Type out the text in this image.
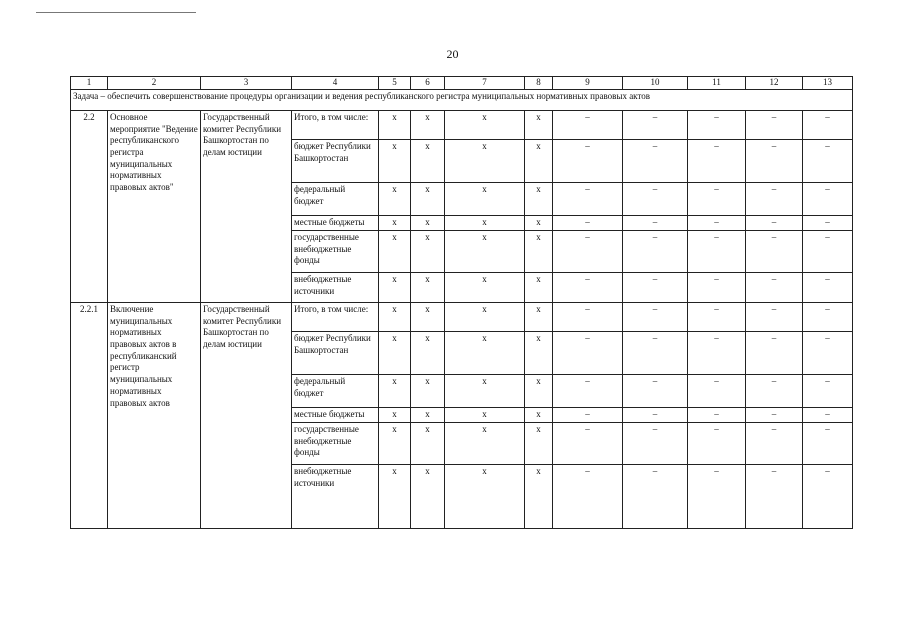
20
1	2	3	4	5	6	7	8	9	10	11	12	13
Задача – обеспечить совершенствование процедуры организации и ведения республиканского регистра муниципальных нормативных правовых актов												
2.2	Основное мероприятие "Ведение республиканского регистра муниципальных нормативных правовых актов"	Государственный комитет Республики Башкортостан по делам юстиции	Итого, в том числе:	x	x	x	x	–	–	–	–	–
			бюджет Республики Башкортостан	x	x	x	x	–	–	–	–	–
			федеральный бюджет	x	x	x	x	–	–	–	–	–
			местные бюджеты	x	x	x	x	–	–	–	–	–
			государственные внебюджетные фонды	x	x	x	x	–	–	–	–	–
			внебюджетные источники	x	x	x	x	–	–	–	–	–
2.2.1	Включение муниципальных нормативных правовых актов в республиканский регистр муниципальных нормативных правовых актов	Государственный комитет Республики Башкортостан по делам юстиции	Итого, в том числе:	x	x	x	x	–	–	–	–	–
			бюджет Республики Башкортостан	x	x	x	x	–	–	–	–	–
			федеральный бюджет	x	x	x	x	–	–	–	–	–
			местные бюджеты	x	x	x	x	–	–	–	–	–
			государственные внебюджетные фонды	x	x	x	x	–	–	–	–	–
			внебюджетные источники	x	x	x	x	–	–	–	–	–
